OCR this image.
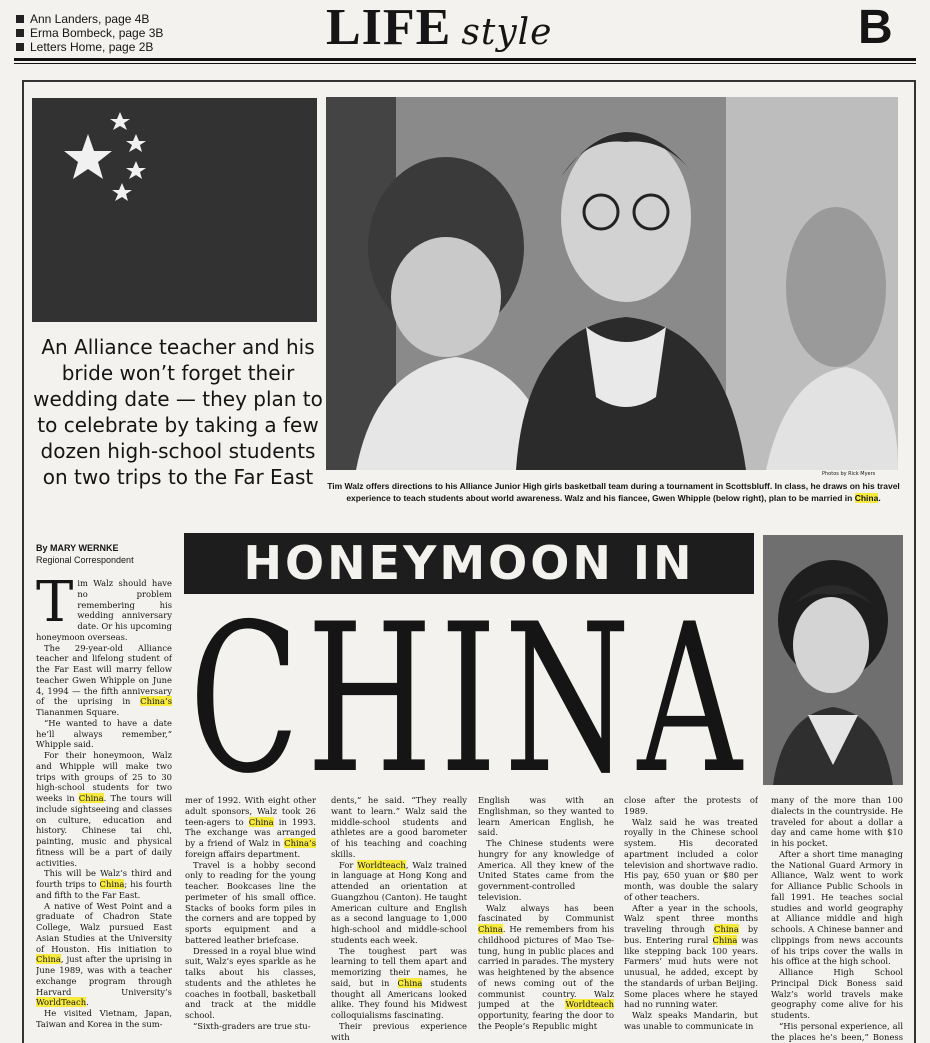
Ann Landers, page 4B
Erma Bombeck, page 3B
Letters Home, page 2B	LIFE style	B
An Alliance teacher and his bride won’t forget their wedding date — they plan to to celebrate by taking a few dozen high-school students on two trips to the Far East	Photos by Rick Myers
Tim Walz offers directions to his Alliance Junior High girls basketball team during a tournament in Scottsbluff. In class, he draws on his travel experience to teach students about world awareness. Walz and his fiancee, Gwen Whipple (below right), plan to be married in China.
By MARY WERNKE
Regional Correspondent	HONEYMOON IN
CHINA
T im Walz should have no problem remembering his wedding anniversary date. Or his upcoming honeymoon overseas.

The 29-year-old Alliance teacher and lifelong student of the Far East will marry fellow teacher Gwen Whipple on June 4, 1994 — the fifth anniversary of the uprising in China’s Tiananmen Square.

“He wanted to have a date he’ll always remember,” Whipple said.

For their honeymoon, Walz and Whipple will make two trips with groups of 25 to 30 high-school students for two weeks in China. The tours will include sightseeing and classes on culture, education and history. Chinese tai chi, painting, music and physical fitness will be a part of daily activities.

This will be Walz’s third and fourth trips to China; his fourth and fifth to the Far East.

A native of West Point and a graduate of Chadron State College, Walz pursued East Asian Studies at the University of Houston. His initiation to China, just after the uprising in June 1989, was with a teacher exchange program through Harvard University’s WorldTeach.

He visited Vietnam, Japan, Taiwan and Korea in the sum-

mer of 1992. With eight other adult sponsors, Walz took 26 teen-agers to China in 1993. The exchange was arranged by a friend of Walz in China’s foreign affairs department.

Travel is a hobby second only to reading for the young teacher. Bookcases line the perimeter of his small office. Stacks of books form piles in the corners and are topped by sports equipment and a battered leather briefcase.

Dressed in a royal blue wind suit, Walz’s eyes sparkle as he talks about his classes, students and the athletes he coaches in football, basketball and track at the middle school.

“Sixth-graders are true stu-

dents,” he said. “They really want to learn.” Walz said the middle-school students and athletes are a good barometer of his teaching and coaching skills.

For Worldteach, Walz trained in language at Hong Kong and attended an orientation at Guangzhou (Canton). He taught American culture and English as a second language to 1,000 high-school and middle-school students each week.

The toughest part was learning to tell them apart and memorizing their names, he said, but in China students thought all Americans looked alike. They found his Midwest colloquialisms fascinating.

Their previous experience with

English was with an Englishman, so they wanted to learn American English, he said.

The Chinese students were hungry for any knowledge of America. All they knew of the United States came from the government-controlled television.

Walz always has been fascinated by Communist China. He remembers from his childhood pictures of Mao Tse-tung, hung in public places and carried in parades. The mystery was heightened by the absence of news coming out of the communist country. Walz jumped at the Worldteach opportunity, fearing the door to the People’s Republic might

close after the protests of 1989.

Walz said he was treated royally in the Chinese school system. His decorated apartment included a color television and shortwave radio. His pay, 650 yuan or $80 per month, was double the salary of other teachers.

After a year in the schools, Walz spent three months traveling through China by bus. Entering rural China was like stepping back 100 years. Farmers’ mud huts were not unusual, he added, except by the standards of urban Beijing. Some places where he stayed had no running water.

Walz speaks Mandarin, but was unable to communicate in

many of the more than 100 dialects in the countryside. He traveled for about a dollar a day and came home with $10 in his pocket.

After a short time managing the National Guard Armory in Alliance, Walz went to work for Alliance Public Schools in fall 1991. He teaches social studies and world geography at Alliance middle and high schools. A Chinese banner and clippings from news accounts of his trips cover the walls in his office at the high school.

Alliance High School Principal Dick Boness said Walz’s world travels make geography come alive for his students.

“His personal experience, all the places he’s been,” Boness
